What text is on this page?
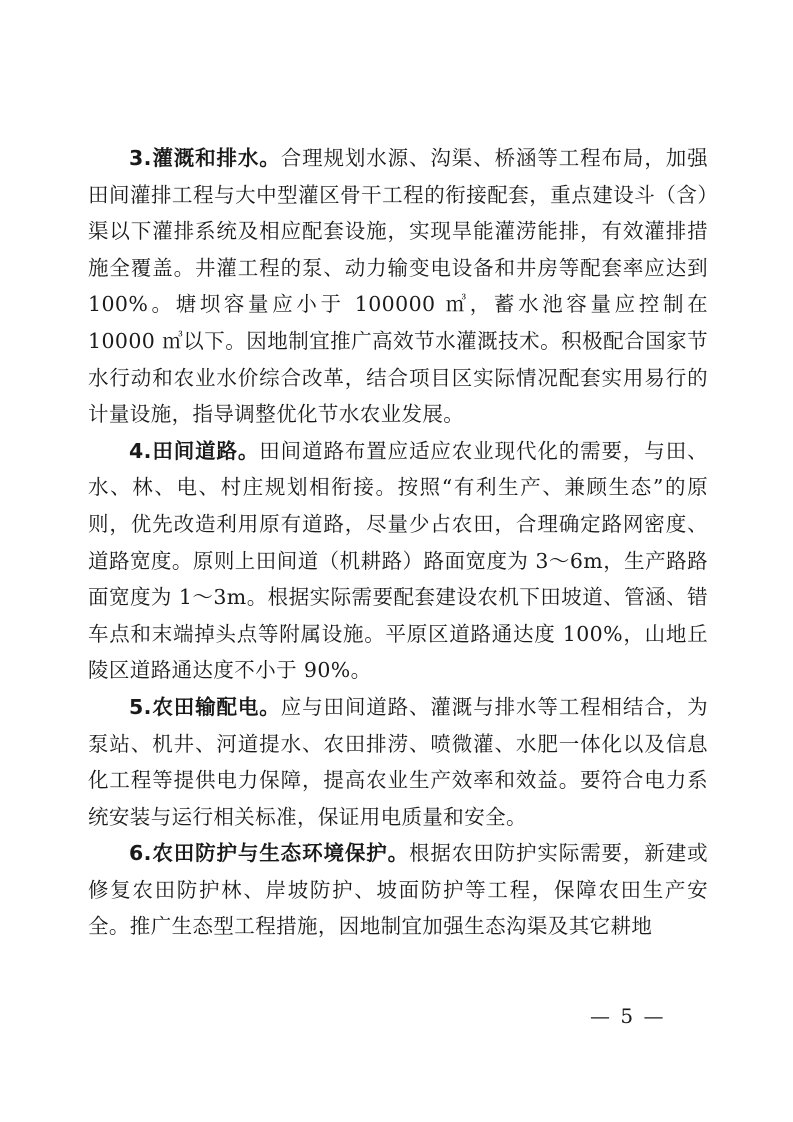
3.灌溉和排水。合理规划水源、沟渠、桥涵等工程布局，加强田间灌排工程与大中型灌区骨干工程的衔接配套，重点建设斗（含）渠以下灌排系统及相应配套设施，实现旱能灌涝能排，有效灌排措施全覆盖。井灌工程的泵、动力输变电设备和井房等配套率应达到 100%。塘坝容量应小于 100000 ㎥，蓄水池容量应控制在 10000 ㎥以下。因地制宜推广高效节水灌溉技术。积极配合国家节水行动和农业水价综合改革，结合项目区实际情况配套实用易行的计量设施，指导调整优化节水农业发展。

4.田间道路。田间道路布置应适应农业现代化的需要，与田、水、林、电、村庄规划相衔接。按照“有利生产、兼顾生态”的原则，优先改造利用原有道路，尽量少占农田，合理确定路网密度、道路宽度。原则上田间道（机耕路）路面宽度为 3～6m，生产路路面宽度为 1～3m。根据实际需要配套建设农机下田坡道、管涵、错车点和末端掉头点等附属设施。平原区道路通达度 100%，山地丘陵区道路通达度不小于 90%。

5.农田输配电。应与田间道路、灌溉与排水等工程相结合，为泵站、机井、河道提水、农田排涝、喷微灌、水肥一体化以及信息化工程等提供电力保障，提高农业生产效率和效益。要符合电力系统安装与运行相关标准，保证用电质量和安全。

6.农田防护与生态环境保护。根据农田防护实际需要，新建或修复农田防护林、岸坡防护、坡面防护等工程，保障农田生产安全。推广生态型工程措施，因地制宜加强生态沟渠及其它耕地

— 5 —
